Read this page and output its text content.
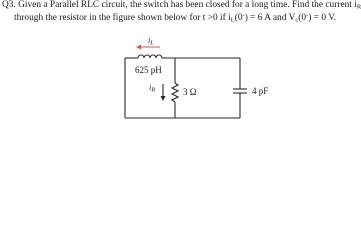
Q3. Given a Parallel RLC circuit, the switch has been closed for a long time. Find the current $i_R$
through the resistor in the figure shown below for t >0 if $i_L(0^-) = 6$ A and $V_c(0^-) = 0$ V.
$i_L$
625 pH
$i_R$	3 Ω	4 pF
